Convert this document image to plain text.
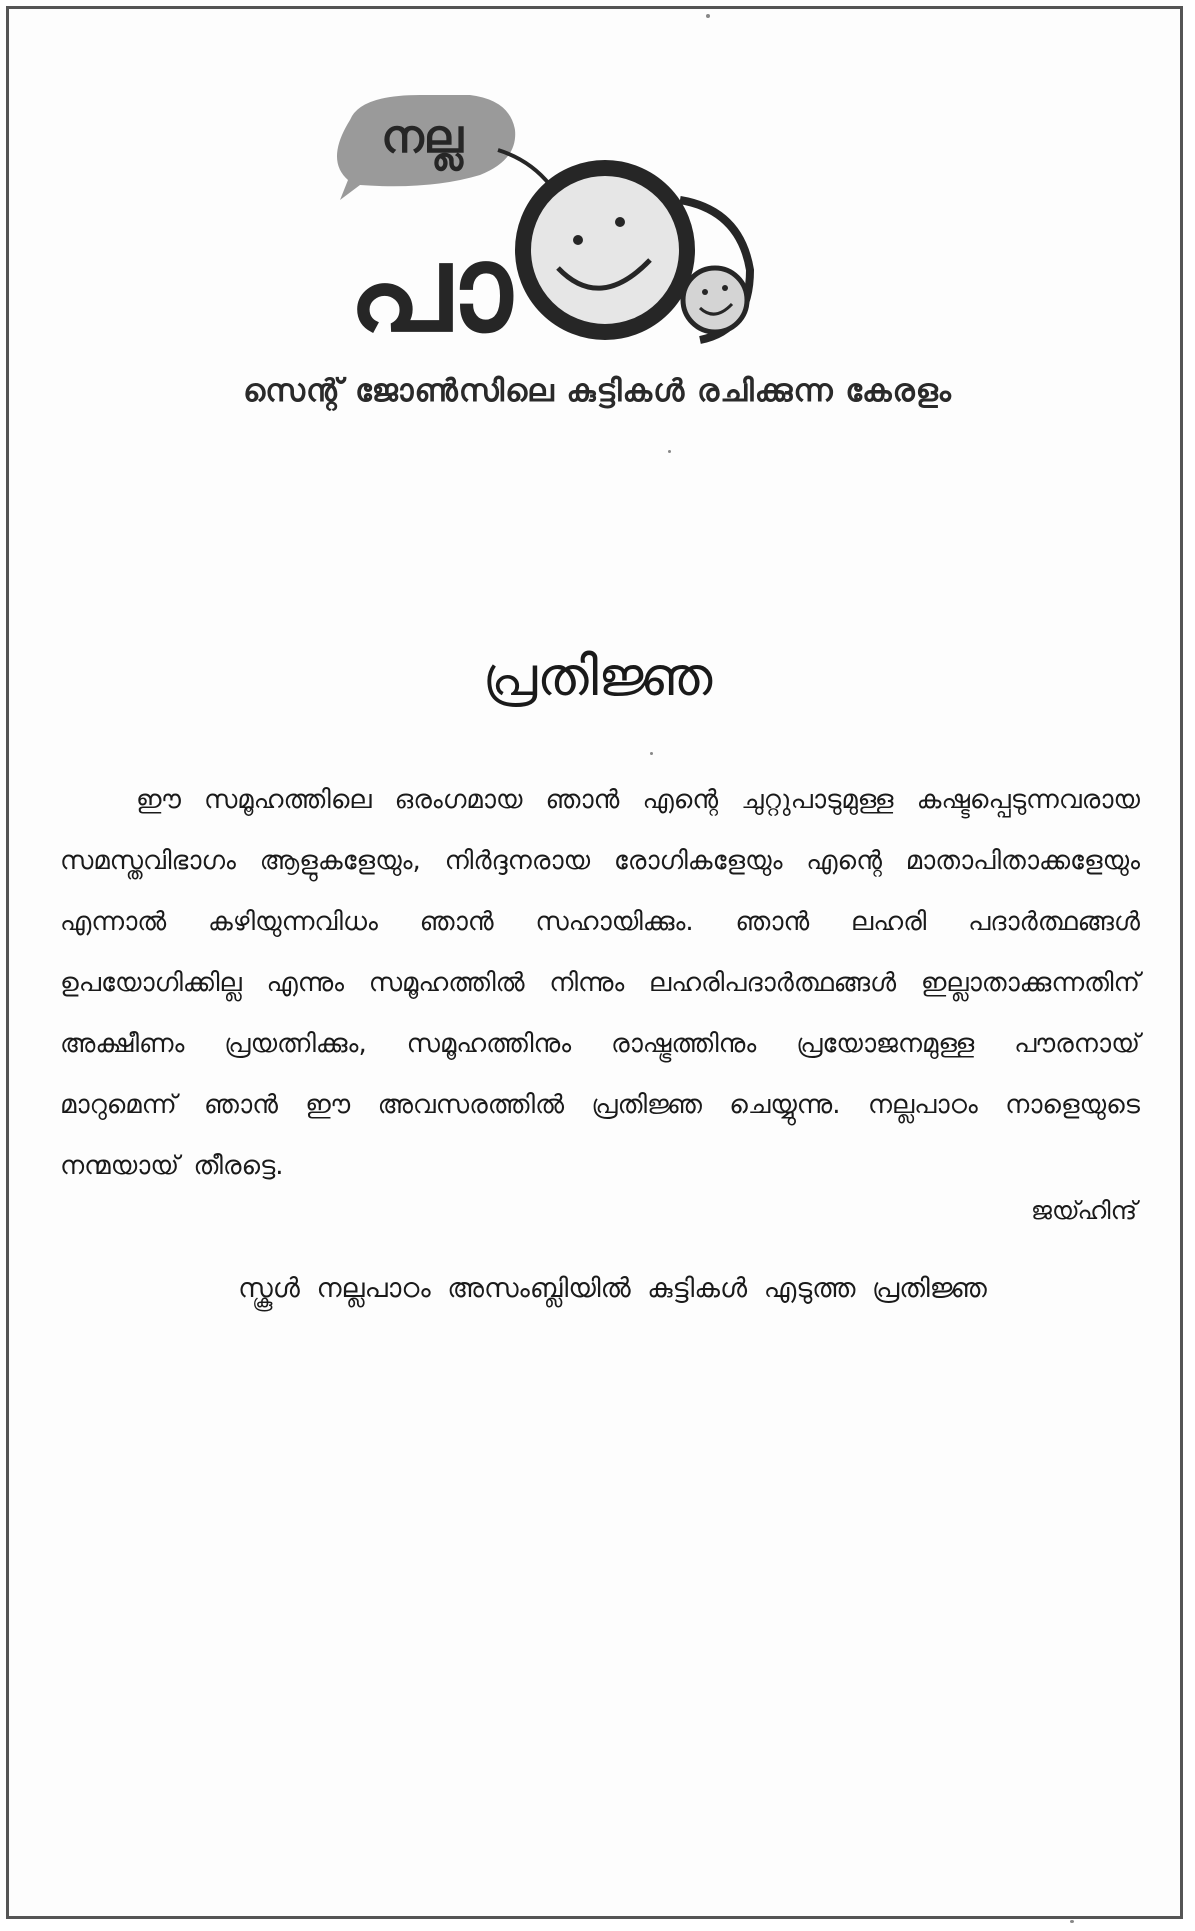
നല്ല
പാ
സെന്റ് ജോൺസിലെ കുട്ടികൾ രചിക്കുന്ന കേരളം
പ്രതിജ്ഞ
ഈ സമൂഹത്തിലെ ഒരംഗമായ ഞാൻ എന്റെ ചുറ്റുപാടുമുള്ള കഷ്ടപ്പെടുന്നവരായ സമസ്തവിഭാഗം ആളുകളേയും, നിർദ്ദനരായ രോഗികളേയും എന്റെ മാതാപിതാക്കളേയും എന്നാൽ കഴിയുന്നവിധം ഞാൻ സഹായിക്കും. ഞാൻ ലഹരി പദാർത്ഥങ്ങൾ ഉപയോഗിക്കില്ല എന്നും സമൂഹത്തിൽ നിന്നും ലഹരിപദാർത്ഥങ്ങൾ ഇല്ലാതാക്കുന്നതിന് അക്ഷീണം പ്രയത്നിക്കും, സമൂഹത്തിനും രാഷ്ട്രത്തിനും പ്രയോജനമുള്ള പൗരനായ് മാറുമെന്ന് ഞാൻ ഈ അവസരത്തിൽ പ്രതിജ്ഞ ചെയ്യുന്നു. നല്ലപാഠം നാളെയുടെ നന്മയായ് തീരട്ടെ.
ജയ്ഹിന്ദ്
സ്കൂൾ നല്ലപാഠം അസംബ്ലിയിൽ കുട്ടികൾ എടുത്ത പ്രതിജ്ഞ
